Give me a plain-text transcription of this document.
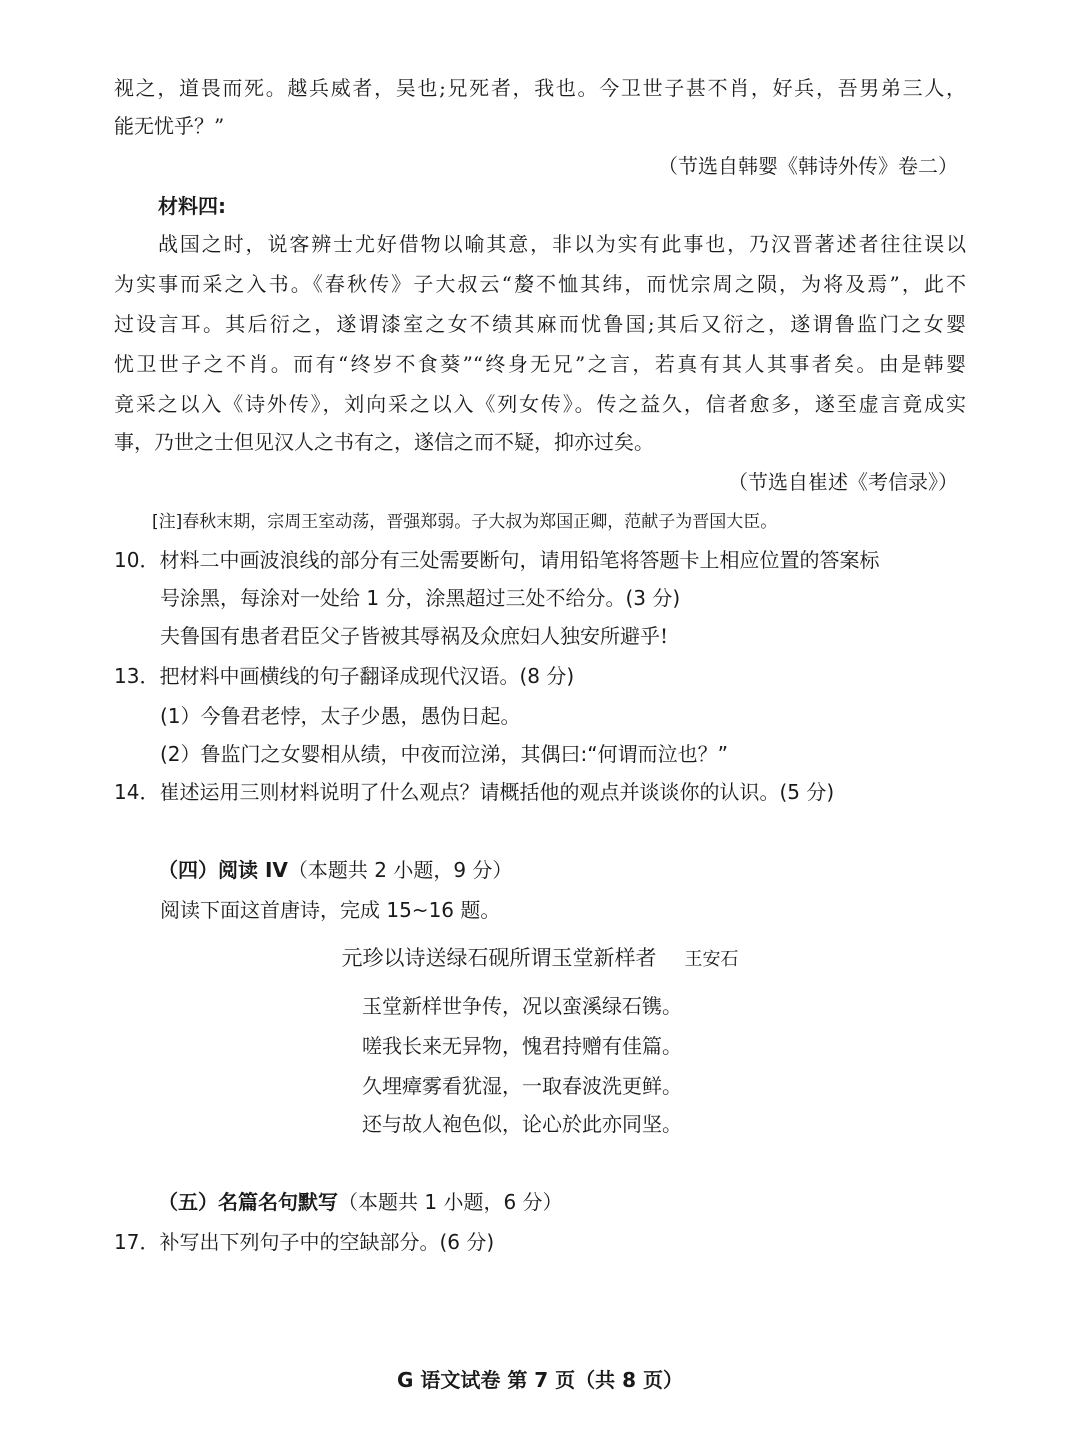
视之，道畏而死。越兵威者，吴也;兄死者，我也。今卫世子甚不肖，好兵，吾男弟三人，
能无忧乎？”
（节选自韩婴《韩诗外传》卷二）
材料四:
战国之时，说客辨士尤好借物以喻其意，非以为实有此事也，乃汉晋著述者往往误以
为实事而采之入书。《春秋传》子大叔云“嫠不恤其纬，而忧宗周之陨，为将及焉”，此不
过设言耳。其后衍之，遂谓漆室之女不绩其麻而忧鲁国;其后又衍之，遂谓鲁监门之女婴
忧卫世子之不肖。而有“终岁不食葵”“终身无兄”之言，若真有其人其事者矣。由是韩婴
竟采之以入《诗外传》，刘向采之以入《列女传》。传之益久，信者愈多，遂至虚言竟成实
事，乃世之士但见汉人之书有之，遂信之而不疑，抑亦过矣。
（节选自崔述《考信录》）
[注]春秋末期，宗周王室动荡，晋强郑弱。子大叔为郑国正卿，范献子为晋国大臣。
10．材料二中画波浪线的部分有三处需要断句，请用铅笔将答题卡上相应位置的答案标
号涂黑，每涂对一处给 1 分，涂黑超过三处不给分。(3 分)
夫鲁国有患者君臣父子皆被其辱祸及众庶妇人独安所避乎!
13．把材料中画横线的句子翻译成现代汉语。(8 分)
(1）今鲁君老悖，太子少愚，愚伪日起。
(2）鲁监门之女婴相从绩，中夜而泣涕，其偶曰:“何谓而泣也？”
14．崔述运用三则材料说明了什么观点？请概括他的观点并谈谈你的认识。(5 分)
（四）阅读 IV（本题共 2 小题，9 分）
阅读下面这首唐诗，完成 15~16 题。
元珍以诗送绿石砚所谓玉堂新样者 王安石
玉堂新样世争传，况以蛮溪绿石镌。
嗟我长来无异物，愧君持赠有佳篇。
久埋瘴雾看犹湿，一取春波洗更鲜。
还与故人袍色似，论心於此亦同坚。
（五）名篇名句默写（本题共 1 小题，6 分）
17．补写出下列句子中的空缺部分。(6 分)
G 语文试卷 第 7 页（共 8 页）
